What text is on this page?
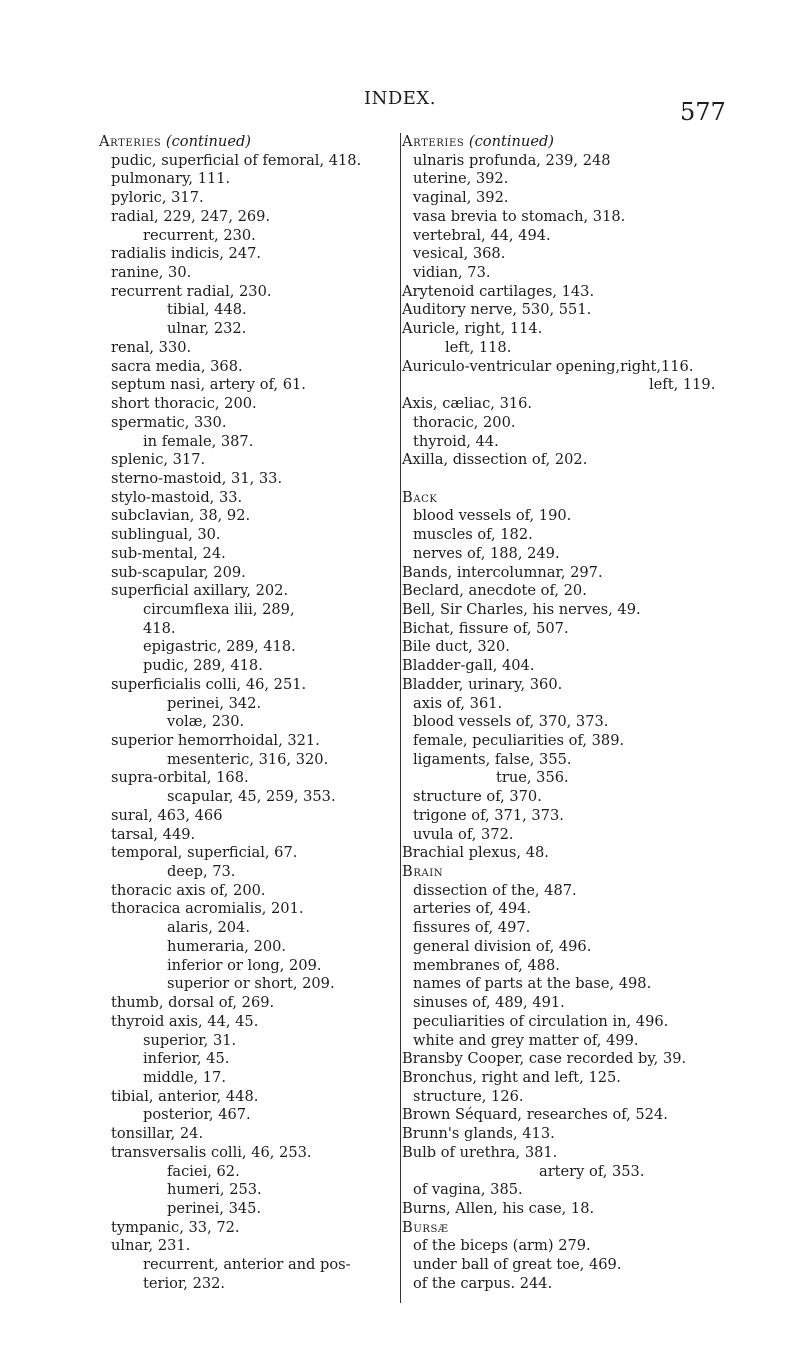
INDEX.	577
Arteries (continued)
pudic, superficial of femoral, 418.
pulmonary, 111.
pyloric, 317.
radial, 229, 247, 269.
recurrent, 230.
radialis indicis, 247.
ranine, 30.
recurrent radial, 230.
tibial, 448.
ulnar, 232.
renal, 330.
sacra media, 368.
septum nasi, artery of, 61.
short thoracic, 200.
spermatic, 330.
in female, 387.
splenic, 317.
sterno-mastoid, 31, 33.
stylo-mastoid, 33.
subclavian, 38, 92.
sublingual, 30.
sub-mental, 24.
sub-scapular, 209.
superficial axillary, 202.
circumflexa ilii, 289,
418.
epigastric, 289, 418.
pudic, 289, 418.
superficialis colli, 46, 251.
perinei, 342.
volæ, 230.
superior hemorrhoidal, 321.
mesenteric, 316, 320.
supra-orbital, 168.
scapular, 45, 259, 353.
sural, 463, 466
tarsal, 449.
temporal, superficial, 67.
deep, 73.
thoracic axis of, 200.
thoracica acromialis, 201.
alaris, 204.
humeraria, 200.
inferior or long, 209.
superior or short, 209.
thumb, dorsal of, 269.
thyroid axis, 44, 45.
superior, 31.
inferior, 45.
middle, 17.
tibial, anterior, 448.
posterior, 467.
tonsillar, 24.
transversalis colli, 46, 253.
faciei, 62.
humeri, 253.
perinei, 345.
tympanic, 33, 72.
ulnar, 231.
recurrent, anterior and pos-
terior, 232.
Arteries (continued)
ulnaris profunda, 239, 248
uterine, 392.
vaginal, 392.
vasa brevia to stomach, 318.
vertebral, 44, 494.
vesical, 368.
vidian, 73.
Arytenoid cartilages, 143.
Auditory nerve, 530, 551.
Auricle, right, 114.
left, 118.
Auriculo-ventricular opening,right,116.
left, 119.
Axis, cæliac, 316.
thoracic, 200.
thyroid, 44.
Axilla, dissection of, 202.
Back
blood vessels of, 190.
muscles of, 182.
nerves of, 188, 249.
Bands, intercolumnar, 297.
Beclard, anecdote of, 20.
Bell, Sir Charles, his nerves, 49.
Bichat, fissure of, 507.
Bile duct, 320.
Bladder-gall, 404.
Bladder, urinary, 360.
axis of, 361.
blood vessels of, 370, 373.
female, peculiarities of, 389.
ligaments, false, 355.
true, 356.
structure of, 370.
trigone of, 371, 373.
uvula of, 372.
Brachial plexus, 48.
Brain
dissection of the, 487.
arteries of, 494.
fissures of, 497.
general division of, 496.
membranes of, 488.
names of parts at the base, 498.
sinuses of, 489, 491.
peculiarities of circulation in, 496.
white and grey matter of, 499.
Bransby Cooper, case recorded by, 39.
Bronchus, right and left, 125.
structure, 126.
Brown Séquard, researches of, 524.
Brunn's glands, 413.
Bulb of urethra, 381.
artery of, 353.
of vagina, 385.
Burns, Allen, his case, 18.
Bursæ
of the biceps (arm) 279.
under ball of great toe, 469.
of the carpus. 244.
